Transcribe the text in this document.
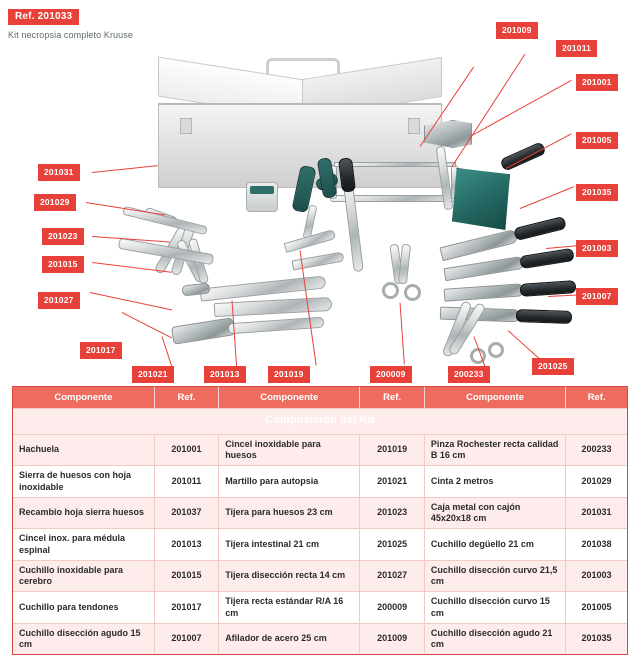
Ref. 201033
Kit necropsia completo Kruuse	201009
201011
201001
201005
201035
201003
201007
201025
200233
200009
201019
201013
201021
201017
201027
201015
201023
201029
201031
Composición del Kit					
Componente	Ref.	Componente	Ref.	Componente	Ref.
Hachuela	201001	Cincel inoxidable para huesos	201019	Pinza Rochester recta calidad B 16 cm	200233
Sierra de huesos con hoja inoxidable	201011	Martillo para autopsia	201021	Cinta 2 metros	201029
Recambio hoja sierra huesos	201037	Tijera para huesos 23 cm	201023	Caja metal con cajón 45x20x18 cm	201031
Cincel inox. para médula espinal	201013	Tijera intestinal 21 cm	201025	Cuchillo degüello 21 cm	201038
Cuchillo inoxidable para cerebro	201015	Tijera disección recta 14 cm	201027	Cuchillo disección curvo 21,5 cm	201003
Cuchillo para tendones	201017	Tijera recta estándar R/A 16 cm	200009	Cuchillo disección curvo 15 cm	201005
Cuchillo disección agudo 15 cm	201007	Afilador de acero 25 cm	201009	Cuchillo disección agudo 21 cm	201035
